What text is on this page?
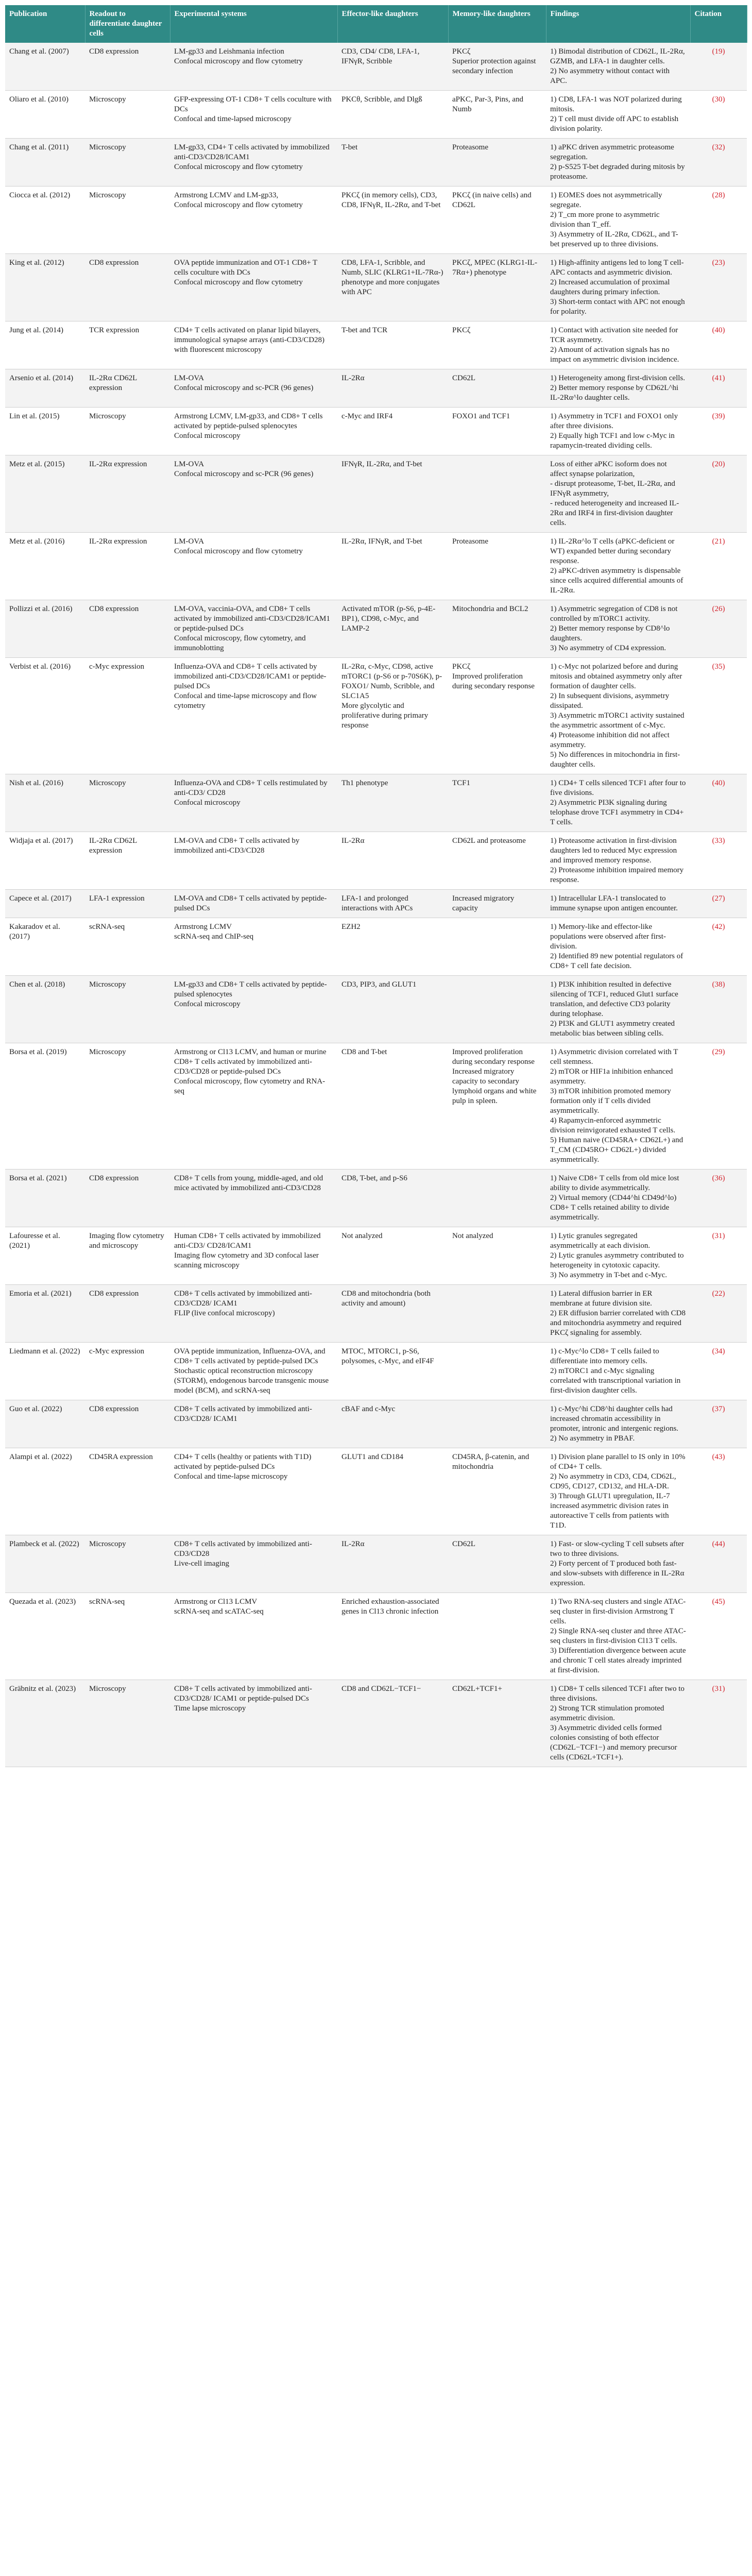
Publication	Readout to differentiate daughter cells	Experimental systems	Effector-like daughters	Memory-like daughters	Findings	Citation
Chang et al. (2007)	CD8 expression	LM-gp33 and Leishmania infection
Confocal microscopy and flow cytometry	CD3, CD4/ CD8, LFA-1, IFNγR, Scribble	PKCζ
Superior protection against secondary infection	1) Bimodal distribution of CD62L, IL-2Rα, GZMB, and LFA-1 in daughter cells.
2) No asymmetry without contact with APC.	(19)
Oliaro et al. (2010)	Microscopy	GFP-expressing OT-1 CD8+ T cells coculture with DCs
Confocal and time-lapsed microscopy	PKCθ, Scribble, and Dlgß	aPKC, Par-3, Pins, and Numb	1) CD8, LFA-1 was NOT polarized during mitosis.
2) T cell must divide off APC to establish division polarity.	(30)
Chang et al. (2011)	Microscopy	LM-gp33, CD4+ T cells activated by immobilized anti-CD3/CD28/ICAM1
Confocal microscopy and flow cytometry	T-bet	Proteasome	1) aPKC driven asymmetric proteasome segregation.
2) p-S525 T-bet degraded during mitosis by proteasome.	(32)
Ciocca et al. (2012)	Microscopy	Armstrong LCMV and LM-gp33,
Confocal microscopy and flow cytometry	PKCζ (in memory cells), CD3, CD8, IFNγR, IL-2Rα, and T-bet	PKCζ (in naive cells) and CD62L	1) EOMES does not asymmetrically segregate.
2) T_cm more prone to asymmetric division than T_eff.
3) Asymmetry of IL-2Rα, CD62L, and T-bet preserved up to three divisions.	(28)
King et al. (2012)	CD8 expression	OVA peptide immunization and OT-1 CD8+ T cells coculture with DCs
Confocal microscopy and flow cytometry	CD8, LFA-1, Scribble, and Numb, SLIC (KLRG1+IL-7Rα-) phenotype and more conjugates with APC	PKCζ, MPEC (KLRG1-IL-7Rα+) phenotype	1) High-affinity antigens led to long T cell-APC contacts and asymmetric division.
2) Increased accumulation of proximal daughters during primary infection.
3) Short-term contact with APC not enough for polarity.	(23)
Jung et al. (2014)	TCR expression	CD4+ T cells activated on planar lipid bilayers, immunological synapse arrays (anti-CD3/CD28) with fluorescent microscopy	T-bet and TCR	PKCζ	1) Contact with activation site needed for TCR asymmetry.
2) Amount of activation signals has no impact on asymmetric division incidence.	(40)
Arsenio et al. (2014)	IL-2Rα CD62L expression	LM-OVA
Confocal microscopy and sc-PCR (96 genes)	IL-2Rα	CD62L	1) Heterogeneity among first-division cells.
2) Better memory response by CD62L^hi IL-2Rα^lo daughter cells.	(41)
Lin et al. (2015)	Microscopy	Armstrong LCMV, LM-gp33, and CD8+ T cells activated by peptide-pulsed splenocytes
Confocal microscopy	c-Myc and IRF4	FOXO1 and TCF1	1) Asymmetry in TCF1 and FOXO1 only after three divisions.
2) Equally high TCF1 and low c-Myc in rapamycin-treated dividing cells.	(39)
Metz et al. (2015)	IL-2Rα expression	LM-OVA
Confocal microscopy and sc-PCR (96 genes)	IFNγR, IL-2Rα, and T-bet		Loss of either aPKC isoform does not affect synapse polarization,
- disrupt proteasome, T-bet, IL-2Rα, and IFNγR asymmetry,
- reduced heterogeneity and increased IL-2Rα and IRF4 in first-division daughter cells.	(20)
Metz et al. (2016)	IL-2Rα expression	LM-OVA
Confocal microscopy and flow cytometry	IL-2Rα, IFNγR, and T-bet	Proteasome	1) IL-2Rα^lo T cells (aPKC-deficient or WT) expanded better during secondary response.
2) aPKC-driven asymmetry is dispensable since cells acquired differential amounts of IL-2Rα.	(21)
Pollizzi et al. (2016)	CD8 expression	LM-OVA, vaccinia-OVA, and CD8+ T cells activated by immobilized anti-CD3/CD28/ICAM1 or peptide-pulsed DCs
Confocal microscopy, flow cytometry, and immunoblotting	Activated mTOR (p-S6, p-4E-BP1), CD98, c-Myc, and LAMP-2	Mitochondria and BCL2	1) Asymmetric segregation of CD8 is not controlled by mTORC1 activity.
2) Better memory response by CD8^lo daughters.
3) No asymmetry of CD4 expression.	(26)
Verbist et al. (2016)	c-Myc expression	Influenza-OVA and CD8+ T cells activated by immobilized anti-CD3/CD28/ICAM1 or peptide-pulsed DCs
Confocal and time-lapse microscopy and flow cytometry	IL-2Rα, c-Myc, CD98, active mTORC1 (p-S6 or p-70S6K), p-FOXO1/ Numb, Scribble, and SLC1A5
More glycolytic and proliferative during primary response	PKCζ
Improved proliferation during secondary response	1) c-Myc not polarized before and during mitosis and obtained asymmetry only after formation of daughter cells.
2) In subsequent divisions, asymmetry dissipated.
3) Asymmetric mTORC1 activity sustained the asymmetric assortment of c-Myc.
4) Proteasome inhibition did not affect asymmetry.
5) No differences in mitochondria in first-daughter cells.	(35)
Nish et al. (2016)	Microscopy	Influenza-OVA and CD8+ T cells restimulated by anti-CD3/ CD28
Confocal microscopy	Th1 phenotype	TCF1	1) CD4+ T cells silenced TCF1 after four to five divisions.
2) Asymmetric PI3K signaling during telophase drove TCF1 asymmetry in CD4+ T cells.	(40)
Widjaja et al. (2017)	IL-2Rα CD62L expression	LM-OVA and CD8+ T cells activated by immobilized anti-CD3/CD28	IL-2Rα	CD62L and proteasome	1) Proteasome activation in first-division daughters led to reduced Myc expression and improved memory response.
2) Proteasome inhibition impaired memory response.	(33)
Capece et al. (2017)	LFA-1 expression	LM-OVA and CD8+ T cells activated by peptide-pulsed DCs	LFA-1 and prolonged interactions with APCs	Increased migratory capacity	1) Intracellular LFA-1 translocated to immune synapse upon antigen encounter.	(27)
Kakaradov et al. (2017)	scRNA-seq	Armstrong LCMV
scRNA-seq and ChIP-seq	EZH2		1) Memory-like and effector-like populations were observed after first-division.
2) Identified 89 new potential regulators of CD8+ T cell fate decision.	(42)
Chen et al. (2018)	Microscopy	LM-gp33 and CD8+ T cells activated by peptide-pulsed splenocytes
Confocal microscopy	CD3, PIP3, and GLUT1		1) PI3K inhibition resulted in defective silencing of TCF1, reduced Glut1 surface translation, and defective CD3 polarity during telophase.
2) PI3K and GLUT1 asymmetry created metabolic bias between sibling cells.	(38)
Borsa et al. (2019)	Microscopy	Armstrong or Cl13 LCMV, and human or murine CD8+ T cells activated by immobilized anti-CD3/CD28 or peptide-pulsed DCs
Confocal microscopy, flow cytometry and RNA-seq	CD8 and T-bet	Improved proliferation during secondary response
Increased migratory capacity to secondary lymphoid organs and white pulp in spleen.	1) Asymmetric division correlated with T cell stemness.
2) mTOR or HIF1a inhibition enhanced asymmetry.
3) mTOR inhibition promoted memory formation only if T cells divided asymmetrically.
4) Rapamycin-enforced asymmetric division reinvigorated exhausted T cells.
5) Human naive (CD45RA+ CD62L+) and T_CM (CD45RO+ CD62L+) divided asymmetrically.	(29)
Borsa et al. (2021)	CD8 expression	CD8+ T cells from young, middle-aged, and old mice activated by immobilized anti-CD3/CD28	CD8, T-bet, and p-S6		1) Naive CD8+ T cells from old mice lost ability to divide asymmetrically.
2) Virtual memory (CD44^hi CD49d^lo) CD8+ T cells retained ability to divide asymmetrically.	(36)
Lafouresse et al. (2021)	Imaging flow cytometry and microscopy	Human CD8+ T cells activated by immobilized anti-CD3/ CD28/ICAM1
Imaging flow cytometry and 3D confocal laser scanning microscopy	Not analyzed	Not analyzed	1) Lytic granules segregated asymmetrically at each division.
2) Lytic granules asymmetry contributed to heterogeneity in cytotoxic capacity.
3) No asymmetry in T-bet and c-Myc.	(31)
Emoria et al. (2021)	CD8 expression	CD8+ T cells activated by immobilized anti-CD3/CD28/ ICAM1
FLIP (live confocal microscopy)	CD8 and mitochondria (both activity and amount)		1) Lateral diffusion barrier in ER membrane at future division site.
2) ER diffusion barrier correlated with CD8 and mitochondria asymmetry and required PKCζ signaling for assembly.	(22)
Liedmann et al. (2022)	c-Myc expression	OVA peptide immunization, Influenza-OVA, and CD8+ T cells activated by peptide-pulsed DCs
Stochastic optical reconstruction microscopy (STORM), endogenous barcode transgenic mouse model (BCM), and scRNA-seq	MTOC, MTORC1, p-S6, polysomes, c-Myc, and eIF4F		1) c-Myc^lo CD8+ T cells failed to differentiate into memory cells.
2) mTORC1 and c-Myc signaling correlated with transcriptional variation in first-division daughter cells.	(34)
Guo et al. (2022)	CD8 expression	CD8+ T cells activated by immobilized anti-CD3/CD28/ ICAM1	cBAF and c-Myc		1) c-Myc^hi CD8^hi daughter cells had increased chromatin accessibility in promoter, intronic and intergenic regions.
2) No asymmetry in PBAF.	(37)
Alampi et al. (2022)	CD45RA expression	CD4+ T cells (healthy or patients with T1D) activated by peptide-pulsed DCs
Confocal and time-lapse microscopy	GLUT1 and CD184	CD45RA, β-catenin, and mitochondria	1) Division plane parallel to IS only in 10% of CD4+ T cells.
2) No asymmetry in CD3, CD4, CD62L, CD95, CD127, CD132, and HLA-DR.
3) Through GLUT1 upregulation, IL-7 increased asymmetric division rates in autoreactive T cells from patients with T1D.	(43)
Plambeck et al. (2022)	Microscopy	CD8+ T cells activated by immobilized anti-CD3/CD28
Live-cell imaging	IL-2Rα	CD62L	1) Fast- or slow-cycling T cell subsets after two to three divisions.
2) Forty percent of T produced both fast- and slow-subsets with difference in IL-2Rα expression.	(44)
Quezada et al. (2023)	scRNA-seq	Armstrong or Cl13 LCMV
scRNA-seq and scATAC-seq	Enriched exhaustion-associated genes in Cl13 chronic infection		1) Two RNA-seq clusters and single ATAC-seq cluster in first-division Armstrong T cells.
2) Single RNA-seq cluster and three ATAC-seq clusters in first-division Cl13 T cells.
3) Differentiation divergence between acute and chronic T cell states already imprinted at first-division.	(45)
Gräbnitz et al. (2023)	Microscopy	CD8+ T cells activated by immobilized anti-CD3/CD28/ ICAM1 or peptide-pulsed DCs
Time lapse microscopy	CD8 and CD62L−TCF1−	CD62L+TCF1+	1) CD8+ T cells silenced TCF1 after two to three divisions.
2) Strong TCR stimulation promoted asymmetric division.
3) Asymmetric divided cells formed colonies consisting of both effector (CD62L−TCF1−) and memory precursor cells (CD62L+TCF1+).	(31)
